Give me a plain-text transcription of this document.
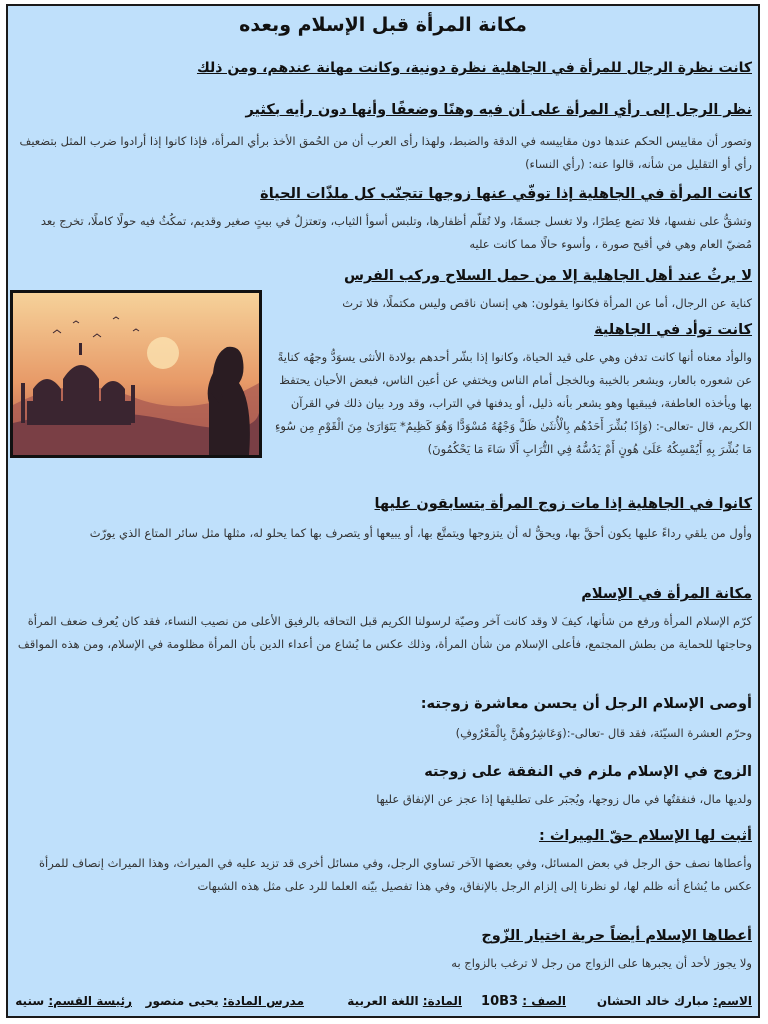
مكانة المرأة قبل الإسلام وبعده
كانت نظرة الرجال للمرأة في الجاهلية نظرة دونية، وكانت مهانة عندهم، ومن ذلك
نظر الرجل إلى رأي المرأة على أن فيه وهنًا وضعفًا وأنها دون رأيه بكثير
وتصور أن مقاييس الحكم عندها دون مقاييسه في الدقة والضبط، ولهذا رأى العرب أن من الحُمق الأخذ برأي المرأة، فإذا كانوا إذا أرادوا ضرب المثل بتضعيف رأي أو التقليل من شأنه، قالوا عنه: (رأي النساء)
كانت المرأة في الجاهلية إذا توفّي عنها زوجها تتجنّب كل ملذّات الحياة
وتشقُّ على نفسها، فلا تضع عِطرًا، ولا تغسل جسمًا، ولا تُقلّم أظفارها، وتلبس أسوأ الثياب، وتعتزلُ في بيتٍ صغير وقديم، تمكُثُ فيه حولًا كاملًا، تخرج بعد مُضيّ العام وهي في أقبح صورة ، وأسوء حالًا مما كانت عليه
لا يرثُ عند أهل الجاهلية إلا من حمل السلاح وركب الفرس
كناية عن الرجال، أما عن المرأة فكانوا يقولون: هي إنسان ناقص وليس مكتملًا، فلا ترث
كانت توأد في الجاهلية
والوأد معناه أنها كانت تدفن وهي على قيد الحياة، وكانوا إذا بشّر أحدهم بولادة الأنثى يسوَدُّ وجهُه كنايةً عن شعوره بالعار، ويشعر بالخيبة وبالخجل أمام الناس ويختفي عن أعين الناس، فبعض الأحيان يحتفظ بها ويأخذه العاطفة، فيبقيها وهو يشعر بأنه ذليل، أو يدفنها في التراب، وقد ورد بيان ذلك في القرآن الكريم، قال -تعالى-: (وَإِذَا بُشِّرَ أَحَدُهُم بِالْأُنثَىٰ ظَلَّ وَجْهُهُ مُسْوَدًّا وَهُوَ كَظِيمٌ* يَتَوَارَىٰ مِنَ الْقَوْمِ مِن سُوءِ مَا بُشِّرَ بِهِ أَيُمْسِكُهُ عَلَىٰ هُونٍ أَمْ يَدُسُّهُ فِي التُّرَابِ أَلَا سَاءَ مَا يَحْكُمُونَ)
كانوا في الجاهلية إذا مات زوج المرأة يتسابقون عليها
وأول من يلقي رداءً عليها يكون أحقَّ بها، ويحقُّ له أن يتزوجها ويتمتَّع بها، أو يبيعها أو يتصرف بها كما يحلو له، مثلها مثل سائر المتاع الذي يورّث
مكانة المرأة في الإسلام
كرّم الإسلام المرأة ورفع من شأنها، كيفَ لا وقد كانت آخر وصيّة لرسولنا الكريم قبل التحاقه بالرفيق الأعلى من نصيب النساء، فقد كان يُعرف ضعف المرأة وحاجتها للحماية من بطش المجتمع، فأعلى الإسلام من شأن المرأة، وذلك عكس ما يُشاع من أعداء الدين بأن المرأة مظلومة في الإسلام، ومن هذه المواقف
أوصى الإسلام الرجل أن يحسن معاشرة زوجته:
وحرّم العشرة السيّئة، فقد قال -تعالى-:(وَعَاشِرُوهُنَّ بِالْمَعْرُوفِ)
الزوج في الإسلام ملزم في النفقة على زوجته
ولديها مال، فنفقتُها في مال زوجها، ويُجبَر على تطليقها إذا عجز عن الإنفاق عليها
أثبت لها الإسلام حقّ المِيراث :
وأعطاها نصف حق الرجل في بعض المسائل، وفي بعضها الآخر تساوي الرجل، وفي مسائل أخرى قد تزيد عليه في الميراث، وهذا الميراث إنصاف للمرأة عكس ما يُشاع أنه ظلم لها، لو نظرنا إلى إلزام الرجل بالإنفاق، وفي هذا تفصيل بيّنه العلما للرد على مثل هذه الشبهات
أعطاها الإسلام أيضاً حرية اختيار الزّوج
ولا يجوز لأحد أن يجبرها على الزواج من رجل لا ترغب بالزواج به
الاسم: مبارك خالد الحشان
الصف : 10B3
المادة: اللغة العربية
مدرس المادة: يحيى منصور
رئيسة القسم: سنيه
